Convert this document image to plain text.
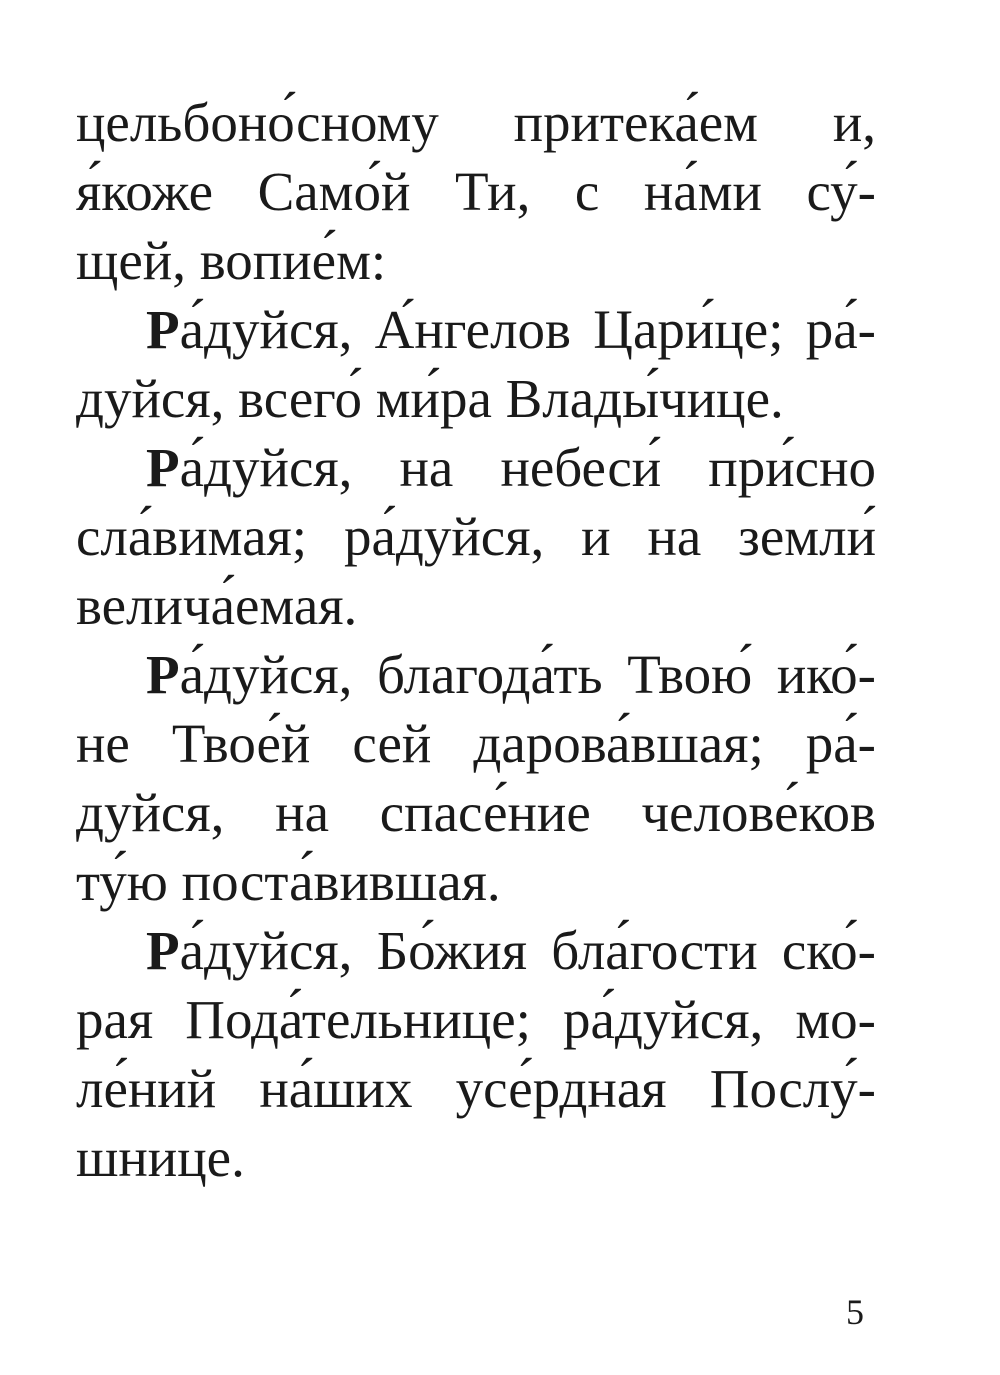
цельбоно́сному притека́ем и,
я́коже Само́й Ти, с на́ми су́-
щей, вопие́м:
Ра́дуйся, А́нгелов Цари́це; ра́-
дуйся, всего́ ми́ра Влады́чице.
Ра́дуйся, на небеси́ при́сно
сла́вимая; ра́дуйся, и на земли́
велича́емая.
Ра́дуйся, благода́ть Твою́ ико́-
не Твое́й сей дарова́вшая; ра́-
дуйся, на спасе́ние челове́ков
ту́ю поста́вившая.
Ра́дуйся, Бо́жия бла́гости ско́-
рая Пода́тельнице; ра́дуйся, мо-
ле́ний на́ших усе́рдная Послу́-
шнице.
5
